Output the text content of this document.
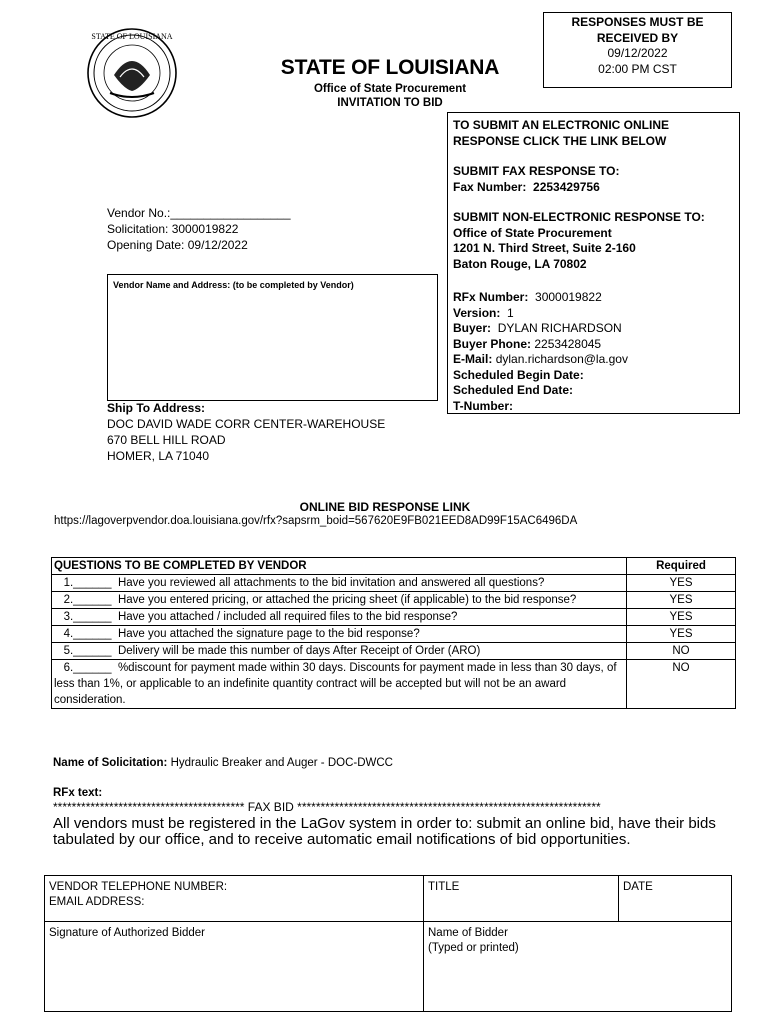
STATE OF LOUISIANA
RESPONSES MUST BE
RECEIVED BY
09/12/2022
02:00 PM CST
STATE OF LOUISIANA
Office of State Procurement
INVITATION TO BID
TO SUBMIT AN ELECTRONIC ONLINE
RESPONSE CLICK THE LINK BELOW
SUBMIT FAX RESPONSE TO:
Fax Number: 2253429756
SUBMIT NON-ELECTRONIC RESPONSE TO:
Office of State Procurement
1201 N. Third Street, Suite 2-160
Baton Rouge, LA 70802
RFx Number: 3000019822
Version: 1
Buyer: DYLAN RICHARDSON
Buyer Phone: 2253428045
E-Mail: dylan.richardson@la.gov
Scheduled Begin Date:
Scheduled End Date:
T-Number:
Vendor No.:__________________
Solicitation: 3000019822
Opening Date: 09/12/2022
Vendor Name and Address: (to be completed by Vendor)
Ship To Address:
DOC DAVID WADE CORR CENTER-WAREHOUSE
670 BELL HILL ROAD
HOMER, LA 71040
ONLINE BID RESPONSE LINK
https://lagoverpvendor.doa.louisiana.gov/rfx?sapsrm_boid=567620E9FB021EED8AD99F15AC6496DA
QUESTIONS TO BE COMPLETED BY VENDOR	Required
1.______  Have you reviewed all attachments to the bid invitation and answered all questions?	YES
2.______  Have you entered pricing, or attached the pricing sheet (if applicable) to the bid response?	YES
3.______  Have you attached / included all required files to the bid response?	YES
4.______  Have you attached the signature page to the bid response?	YES
5.______  Delivery will be made this number of days After Receipt of Order (ARO)	NO
6.______  %discount for payment made within 30 days. Discounts for payment made in less than 30 days, of less than 1%, or applicable to an indefinite quantity contract will be accepted but will not be an award consideration.	NO
Name of Solicitation: Hydraulic Breaker and Auger - DOC-DWCC
RFx text:
***************************************** FAX BID *****************************************************************
All vendors must be registered in the LaGov system in order to: submit an online bid, have their bids tabulated by our office, and to receive automatic email notifications of bid opportunities.
VENDOR TELEPHONE NUMBER:
EMAIL ADDRESS:	TITLE	DATE
Signature of Authorized Bidder	Name of Bidder
(Typed or printed)	
